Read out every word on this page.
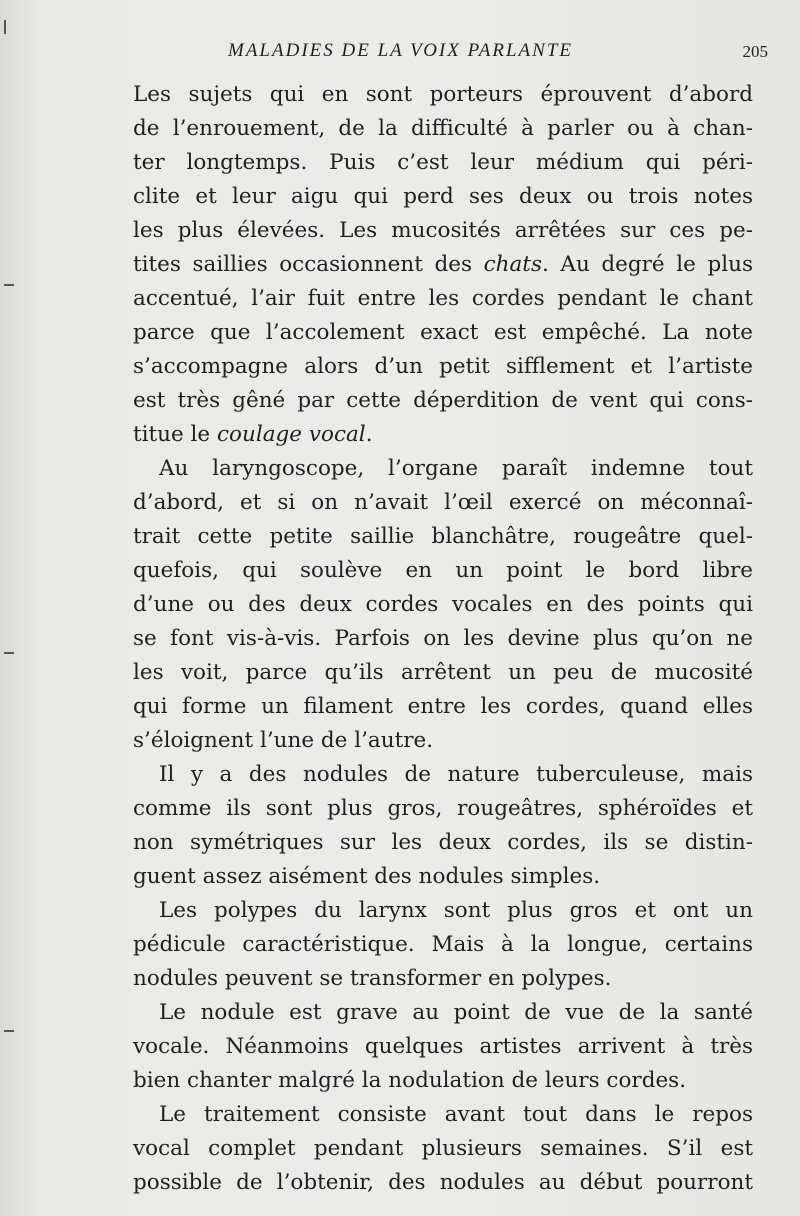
MALADIES DE LA VOIX PARLANTE	205
Les sujets qui en sont porteurs éprouvent d’abord
de l’enrouement, de la difficulté à parler ou à chan-
ter longtemps. Puis c’est leur médium qui péri-
clite et leur aigu qui perd ses deux ou trois notes
les plus élevées. Les mucosités arrêtées sur ces pe-
tites saillies occasionnent des chats. Au degré le plus
accentué, l’air fuit entre les cordes pendant le chant
parce que l’accolement exact est empêché. La note
s’accompagne alors d’un petit sifflement et l’artiste
est très gêné par cette déperdition de vent qui cons-
titue le coulage vocal.
Au laryngoscope, l’organe paraît indemne tout
d’abord, et si on n’avait l’œil exercé on méconnaî-
trait cette petite saillie blanchâtre, rougeâtre quel-
quefois, qui soulève en un point le bord libre
d’une ou des deux cordes vocales en des points qui
se font vis-à-vis. Parfois on les devine plus qu’on ne
les voit, parce qu’ils arrêtent un peu de mucosité
qui forme un filament entre les cordes, quand elles
s’éloignent l’une de l’autre.
Il y a des nodules de nature tuberculeuse, mais
comme ils sont plus gros, rougeâtres, sphéroïdes et
non symétriques sur les deux cordes, ils se distin-
guent assez aisément des nodules simples.
Les polypes du larynx sont plus gros et ont un
pédicule caractéristique. Mais à la longue, certains
nodules peuvent se transformer en polypes.
Le nodule est grave au point de vue de la santé
vocale. Néanmoins quelques artistes arrivent à très
bien chanter malgré la nodulation de leurs cordes.
Le traitement consiste avant tout dans le repos
vocal complet pendant plusieurs semaines. S’il est
possible de l’obtenir, des nodules au début pourront
